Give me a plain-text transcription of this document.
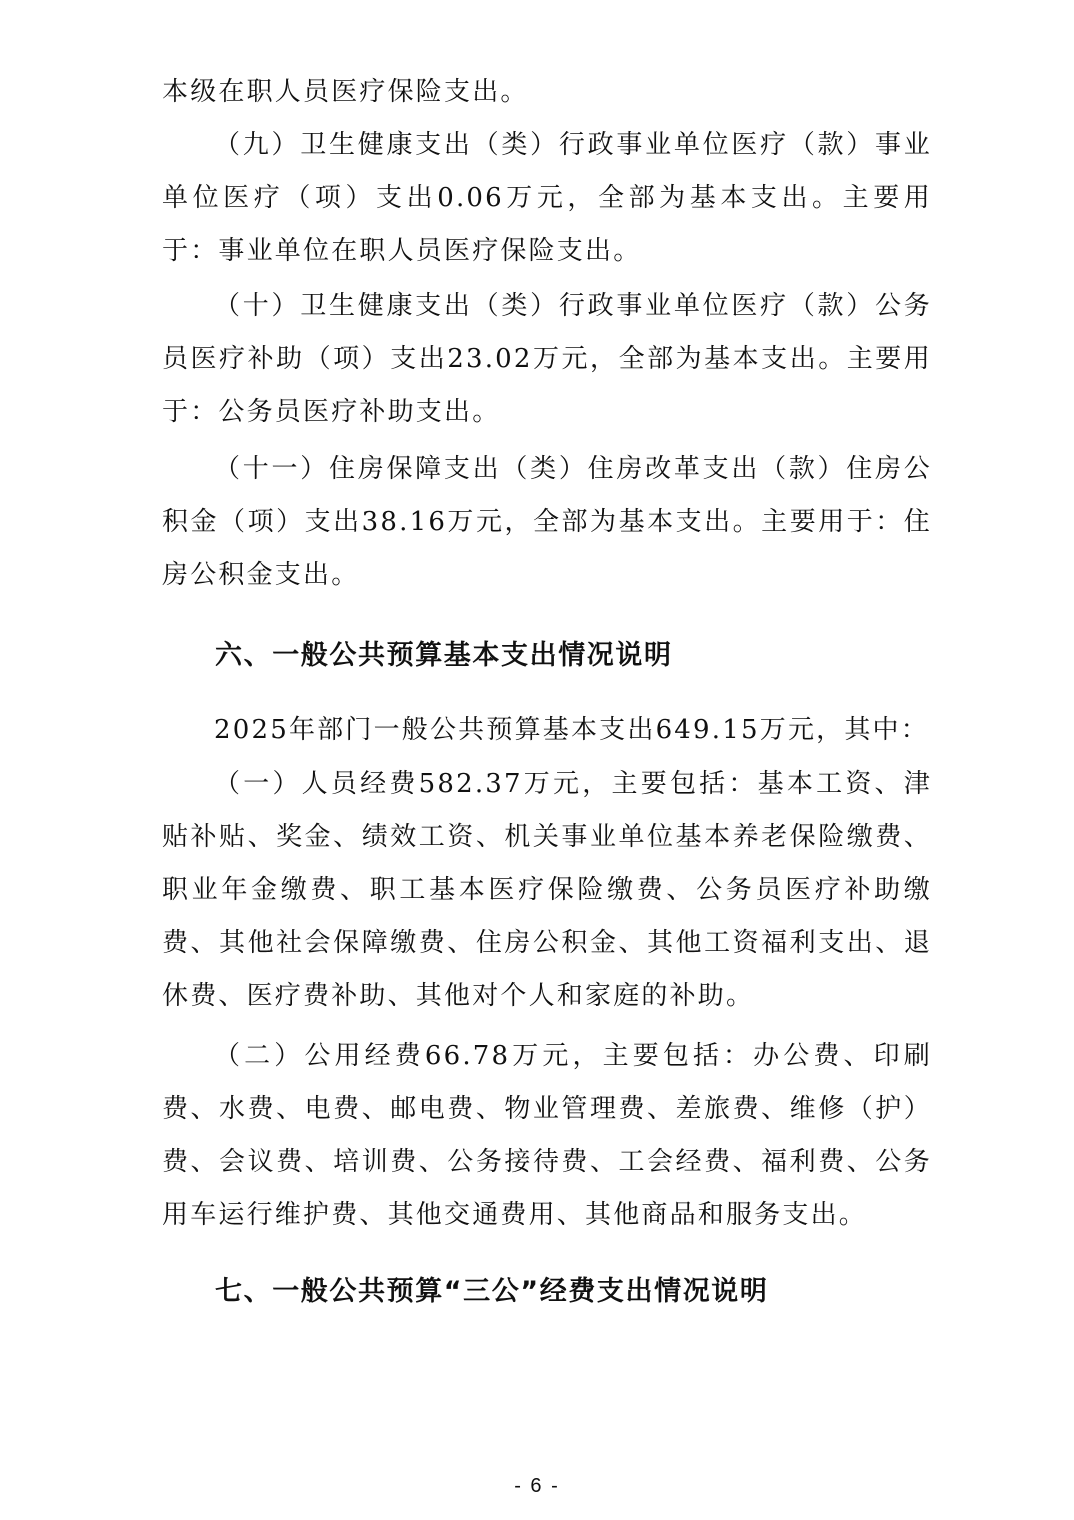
本级在职人员医疗保险支出。

（九）卫生健康支出（类）行政事业单位医疗（款）事业单位医疗（项）支出0.06万元，全部为基本支出。主要用于：事业单位在职人员医疗保险支出。

（十）卫生健康支出（类）行政事业单位医疗（款）公务员医疗补助（项）支出23.02万元，全部为基本支出。主要用于：公务员医疗补助支出。

（十一）住房保障支出（类）住房改革支出（款）住房公积金（项）支出38.16万元，全部为基本支出。主要用于：住房公积金支出。

六、一般公共预算基本支出情况说明

2025年部门一般公共预算基本支出649.15万元，其中：

（一）人员经费582.37万元，主要包括：基本工资、津贴补贴、奖金、绩效工资、机关事业单位基本养老保险缴费、职业年金缴费、职工基本医疗保险缴费、公务员医疗补助缴费、其他社会保障缴费、住房公积金、其他工资福利支出、退休费、医疗费补助、其他对个人和家庭的补助。

（二）公用经费66.78万元，主要包括：办公费、印刷费、水费、电费、邮电费、物业管理费、差旅费、维修（护）费、会议费、培训费、公务接待费、工会经费、福利费、公务用车运行维护费、其他交通费用、其他商品和服务支出。

七、一般公共预算“三公”经费支出情况说明
- 6 -
